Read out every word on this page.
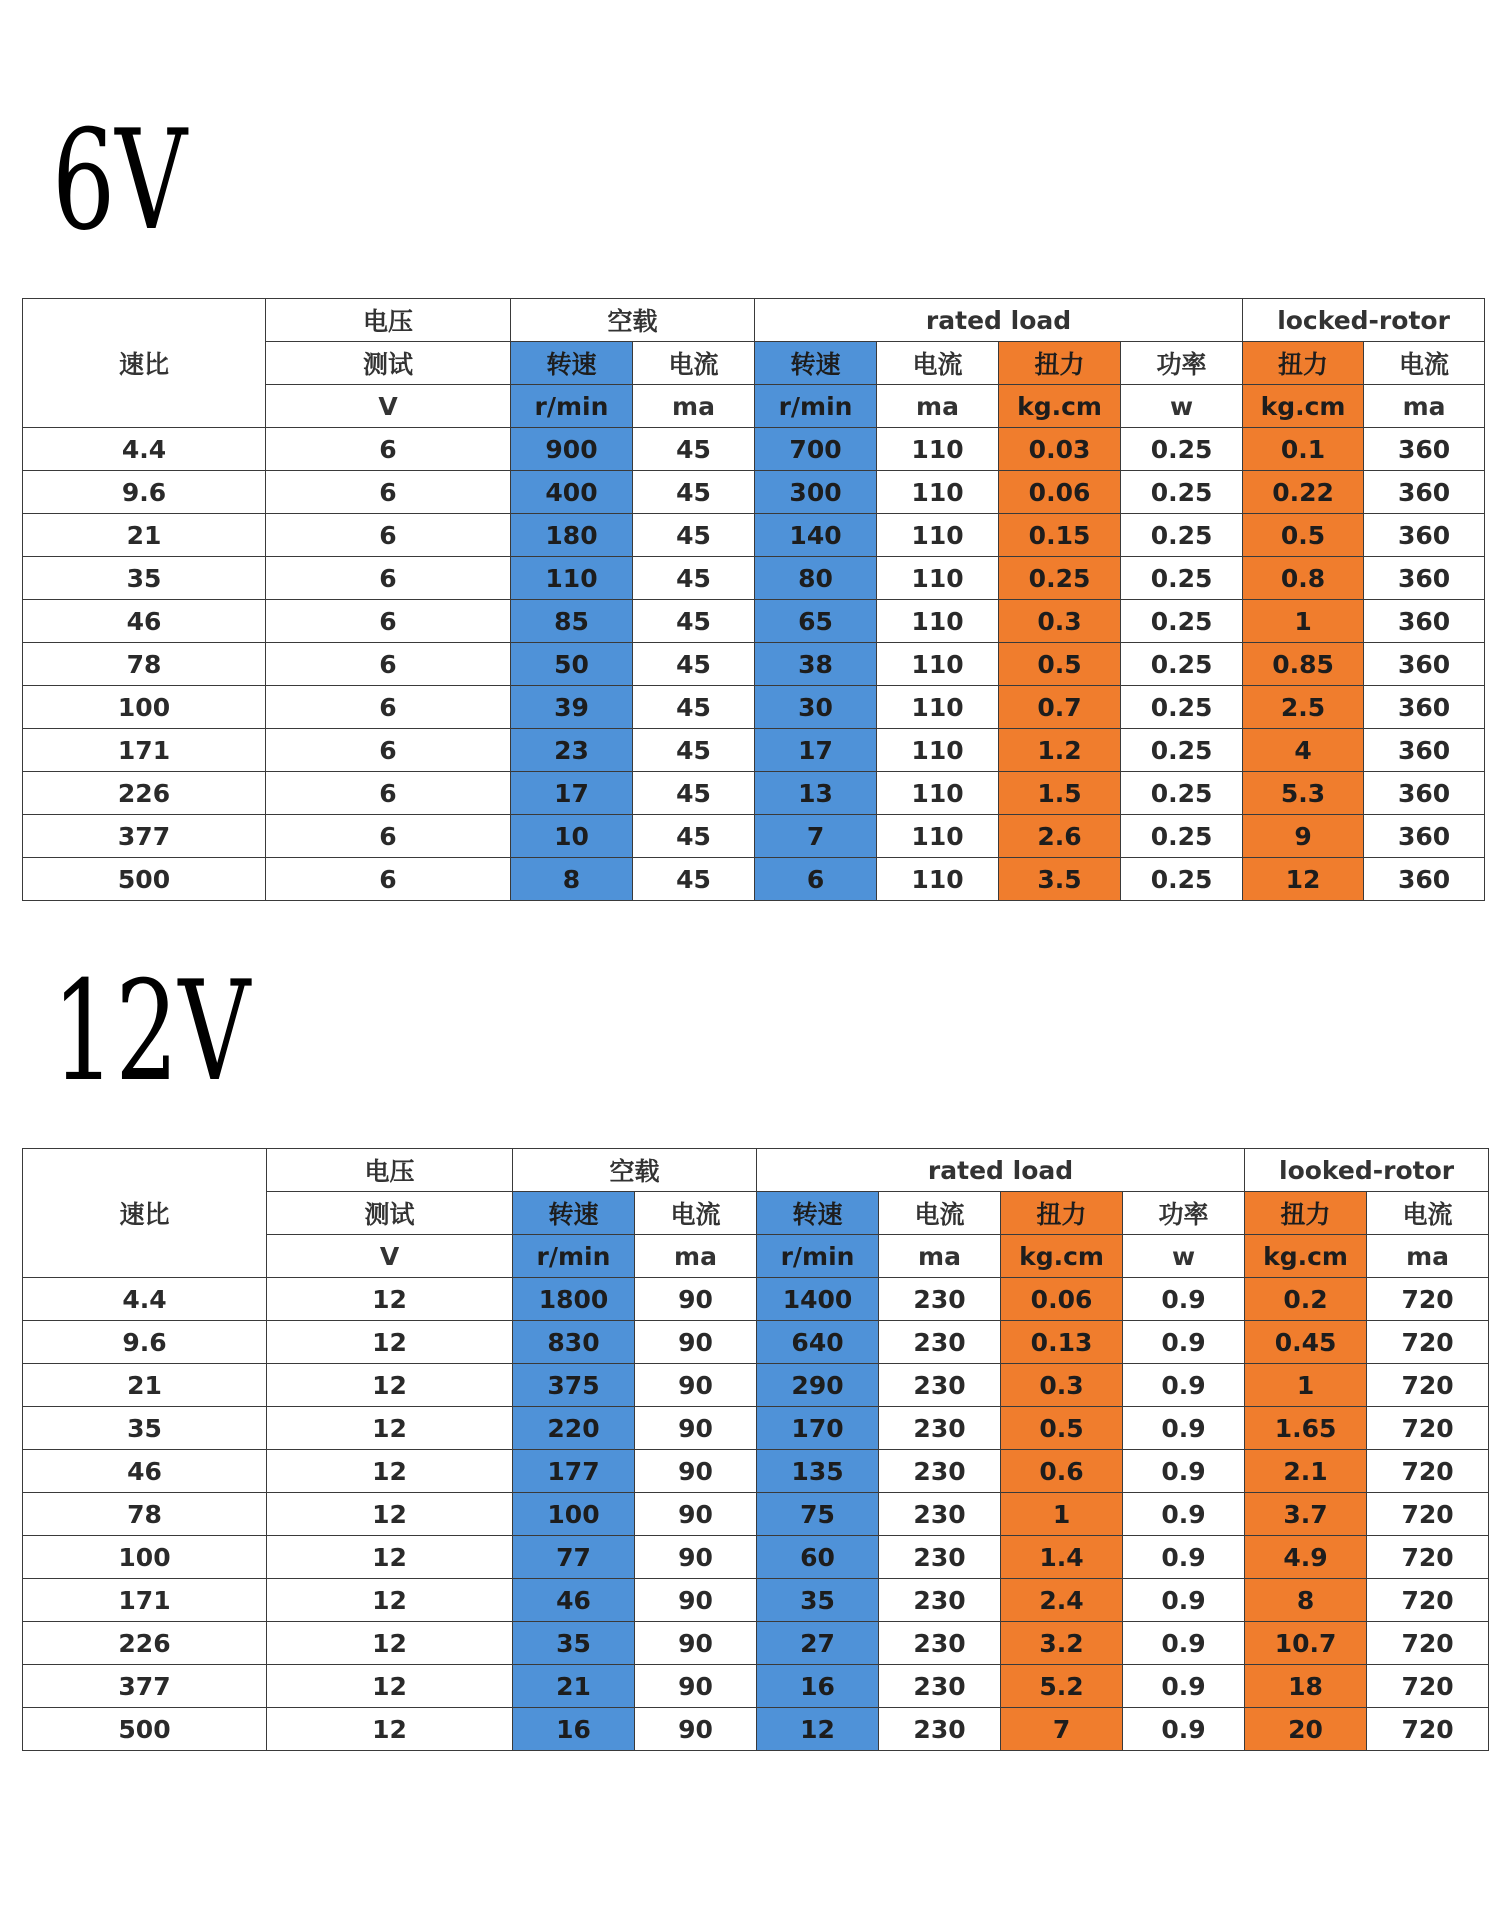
6V
速比	电压	空载		rated load				locked-rotor	
	测试	转速	电流	转速	电流	扭力	功率	扭力	电流
	V	r/min	ma	r/min	ma	kg.cm	w	kg.cm	ma
4.4	6	900	45	700	110	0.03	0.25	0.1	360
9.6	6	400	45	300	110	0.06	0.25	0.22	360
21	6	180	45	140	110	0.15	0.25	0.5	360
35	6	110	45	80	110	0.25	0.25	0.8	360
46	6	85	45	65	110	0.3	0.25	1	360
78	6	50	45	38	110	0.5	0.25	0.85	360
100	6	39	45	30	110	0.7	0.25	2.5	360
171	6	23	45	17	110	1.2	0.25	4	360
226	6	17	45	13	110	1.5	0.25	5.3	360
377	6	10	45	7	110	2.6	0.25	9	360
500	6	8	45	6	110	3.5	0.25	12	360
12V
速比	电压	空载		rated load				looked-rotor	
	测试	转速	电流	转速	电流	扭力	功率	扭力	电流
	V	r/min	ma	r/min	ma	kg.cm	w	kg.cm	ma
4.4	12	1800	90	1400	230	0.06	0.9	0.2	720
9.6	12	830	90	640	230	0.13	0.9	0.45	720
21	12	375	90	290	230	0.3	0.9	1	720
35	12	220	90	170	230	0.5	0.9	1.65	720
46	12	177	90	135	230	0.6	0.9	2.1	720
78	12	100	90	75	230	1	0.9	3.7	720
100	12	77	90	60	230	1.4	0.9	4.9	720
171	12	46	90	35	230	2.4	0.9	8	720
226	12	35	90	27	230	3.2	0.9	10.7	720
377	12	21	90	16	230	5.2	0.9	18	720
500	12	16	90	12	230	7	0.9	20	720
